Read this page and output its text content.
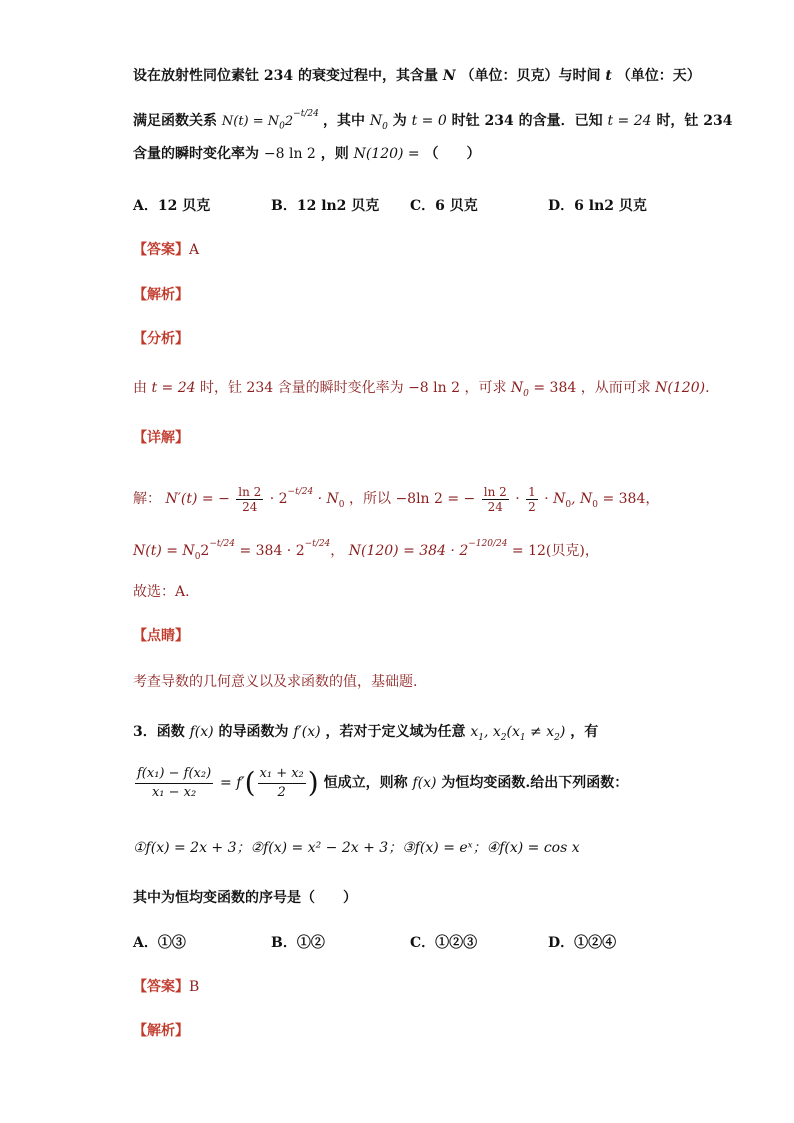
设在放射性同位素钍 234 的衰变过程中，其含量 N （单位：贝克）与时间 t （单位：天）
满足函数关系 $N(t) = N_02^{-t/24}$ ，其中 $N_0$ 为 t = 0 时钍 234 的含量．已知 t = 24 时，钍 234
含量的瞬时变化率为 −8 ln 2 ，则 N(120) = （　　）
A．12 贝克	B．12 ln2 贝克 C．6 贝克	D．6 ln2 贝克
【答案】A
【解析】
【分析】
由 t = 24 时，钍 234 含量的瞬时变化率为 −8 ln 2 ，可求 $N_0 = 384$ ，从而可求 N(120).
【详解】
解： N′(t) = − $\frac{\ln 2}{24} \cdot 2^{-t/24} \cdot N_0$ ，所以 −8ln 2 = − $\frac{\ln 2}{24} \cdot \frac{1}{2} \cdot N_0$, $N_0 = 384$，
$N(t) = N_02^{-t/24} = 384 \cdot 2^{-t/24}$， $N(120) = 384 \cdot 2^{-120/24} = 12$(贝克)，
故选：A.
【点睛】
考查导数的几何意义以及求函数的值，基础题.
3．函数 f(x) 的导函数为 f′(x) ，若对于定义域为任意 $x_1$, $x_2(x_1 \ne x_2)$ ，有
$\frac{\text{f(x₁) − f(x₂)}}{\text{x₁ − x₂}} = f'( \frac{\text{x₁ + x₂}}{2}$ ) 恒成立，则称 f(x) 为恒均变函数.给出下列函数：
①f(x) = 2x + 3；②f(x) = x² − 2x + 3；③f(x) = eˣ；④f(x) = cos x
其中为恒均变函数的序号是（　　）
A．①③	B．①②	C．①②③	D．①②④
【答案】B
【解析】
